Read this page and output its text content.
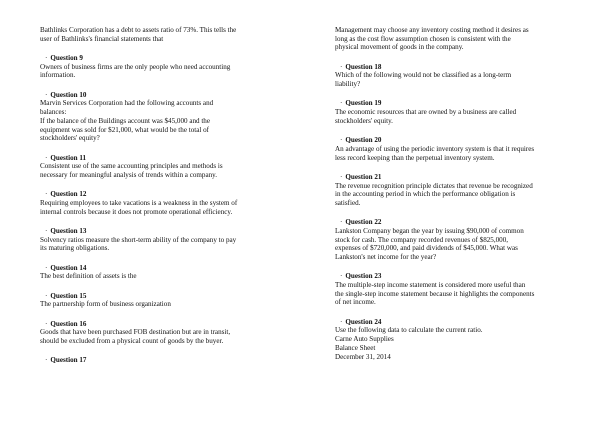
Bathlinks Corporation has a debt to assets ratio of 73%. This tells the
user of Bathlinks's financial statements that
· Question 9
Owners of business firms are the only people who need accounting
information.
· Question 10
Marvin Services Corporation had the following accounts and
balances:
If the balance of the Buildings account was $45,000 and the
equipment was sold for $21,000, what would be the total of
stockholders' equity?
· Question 11
Consistent use of the same accounting principles and methods is
necessary for meaningful analysis of trends within a company.
· Question 12
Requiring employees to take vacations is a weakness in the system of
internal controls because it does not promote operational efficiency.
· Question 13
Solvency ratios measure the short-term ability of the company to pay
its maturing obligations.
· Question 14
The best definition of assets is the
· Question 15
The partnership form of business organization
· Question 16
Goods that have been purchased FOB destination but are in transit,
should be excluded from a physical count of goods by the buyer.
· Question 17
Management may choose any inventory costing method it desires as
long as the cost flow assumption chosen is consistent with the
physical movement of goods in the company.
· Question 18
Which of the following would not be classified as a long-term
liability?
· Question 19
The economic resources that are owned by a business are called
stockholders' equity.
· Question 20
An advantage of using the periodic inventory system is that it requires
less record keeping than the perpetual inventory system.
· Question 21
The revenue recognition principle dictates that revenue be recognized
in the accounting period in which the performance obligation is
satisfied.
· Question 22
Lankston Company began the year by issuing $90,000 of common
stock for cash. The company recorded revenues of $825,000,
expenses of $720,000, and paid dividends of $45,000. What was
Lankston's net income for the year?
· Question 23
The multiple-step income statement is considered more useful than
the single-step income statement because it highlights the components
of net income.
· Question 24
Use the following data to calculate the current ratio.
Carne Auto Supplies
Balance Sheet
December 31, 2014
